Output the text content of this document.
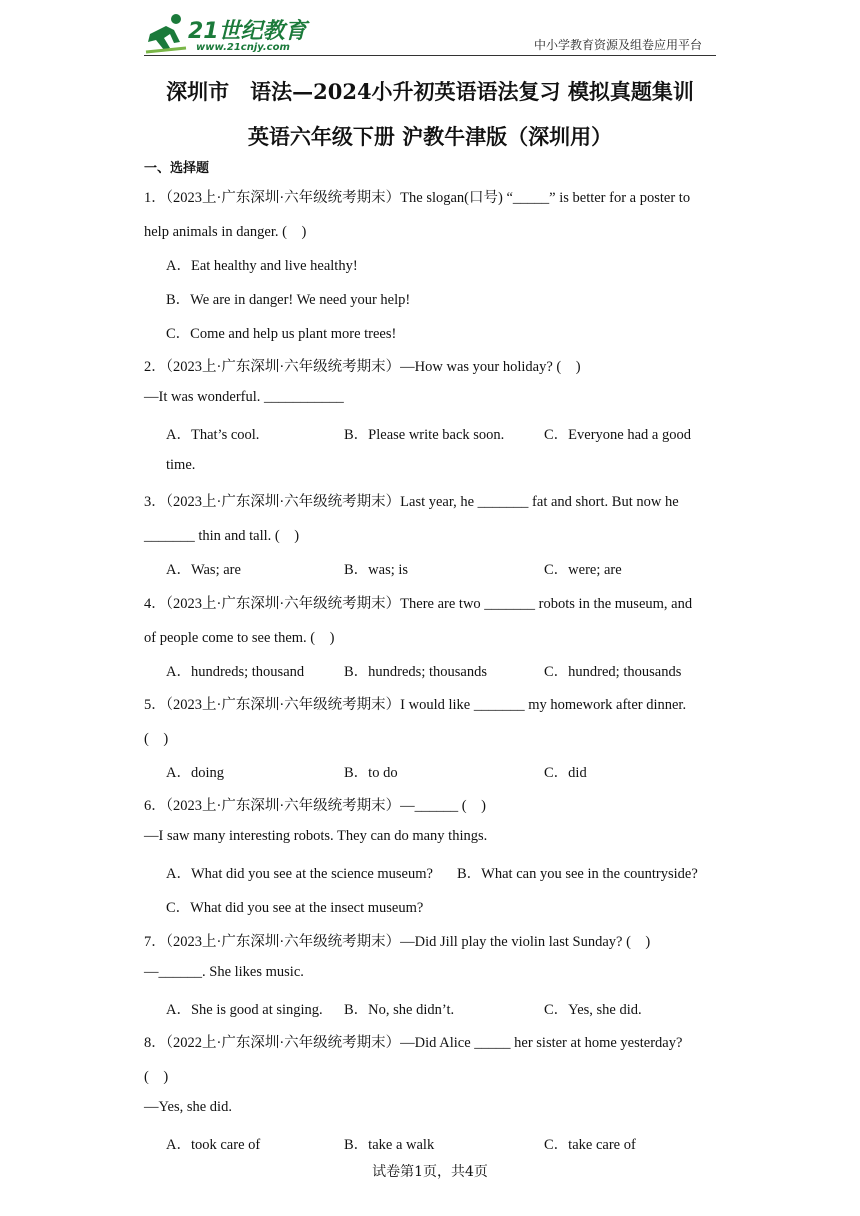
21世纪教育
www.21cnjy.com	中小学教育资源及组卷应用平台
深圳市　语法—2024小升初英语语法复习 模拟真题集训
英语六年级下册 沪教牛津版（深圳用）
一、选择题
1．（2023上·广东深圳·六年级统考期末）The slogan(口号) “_____” is better for a poster to
help animals in danger. (　)
A．Eat healthy and live healthy!
B．We are in danger! We need your help!
C．Come and help us plant more trees!
2．（2023上·广东深圳·六年级统考期末）—How was your holiday? (　)
—It was wonderful. ___________
A．That’s cool.	B．Please write back soon.	C．Everyone had a good
time.
3．（2023上·广东深圳·六年级统考期末）Last year, he _______ fat and short. But now he
_______ thin and tall. (　)
A．Was; are	B．was; is	C．were; are
4．（2023上·广东深圳·六年级统考期末）There are two _______ robots in the museum, and
of people come to see them. (　)
A．hundreds; thousand	B．hundreds; thousands	C．hundred; thousands
5．（2023上·广东深圳·六年级统考期末）I would like _______ my homework after dinner.
(　)
A．doing	B．to do	C．did
6．（2023上·广东深圳·六年级统考期末）—______ (　)
—I saw many interesting robots. They can do many things.
A．What did you see at the science museum? B．What can you see in the countryside?
C．What did you see at the insect museum?
7．（2023上·广东深圳·六年级统考期末）—Did Jill play the violin last Sunday? (　)
—______. She likes music.
A．She is good at singing. B．No, she didn’t.	C．Yes, she did.
8．（2022上·广东深圳·六年级统考期末）—Did Alice _____ her sister at home yesterday?
(　)
—Yes, she did.
A．took care of	B．take a walk	C．take care of
试卷第1页，共4页
